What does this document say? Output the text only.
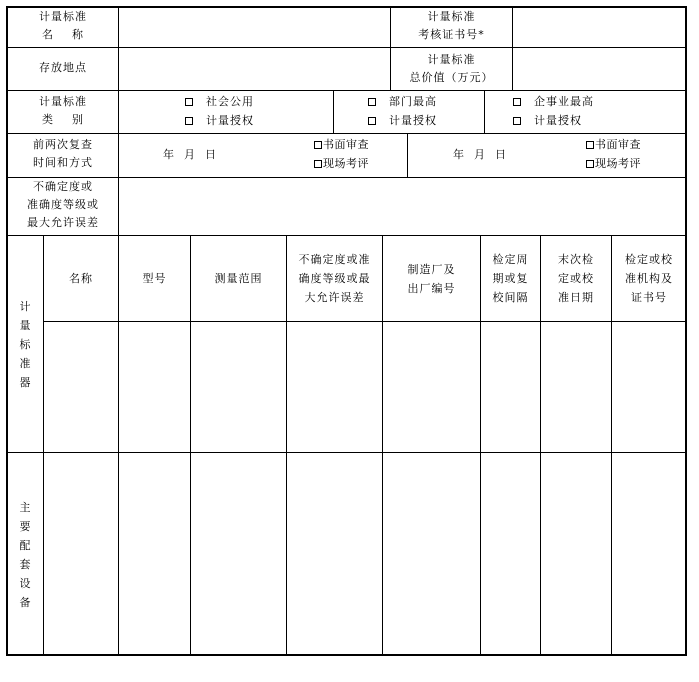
计量标准
名    称
计量标准
考核证书号*
存放地点
计量标准
总价值（万元）
计量标准
类    别
社会公用
计量授权
部门最高
计量授权
企事业最高
计量授权
前两次复查
时间和方式
年  月  日
书面审查
现场考评
年  月  日
书面审查
现场考评
不确定度或
准确度等级或
最大允许误差
计量标准器
主要配套设备
名称	型号	测量范围
不确定度或准
确度等级或最
大允许误差
制造厂及
出厂编号
检定周
期或复
校间隔
末次检
定或校
准日期
检定或校
准机构及
证书号
